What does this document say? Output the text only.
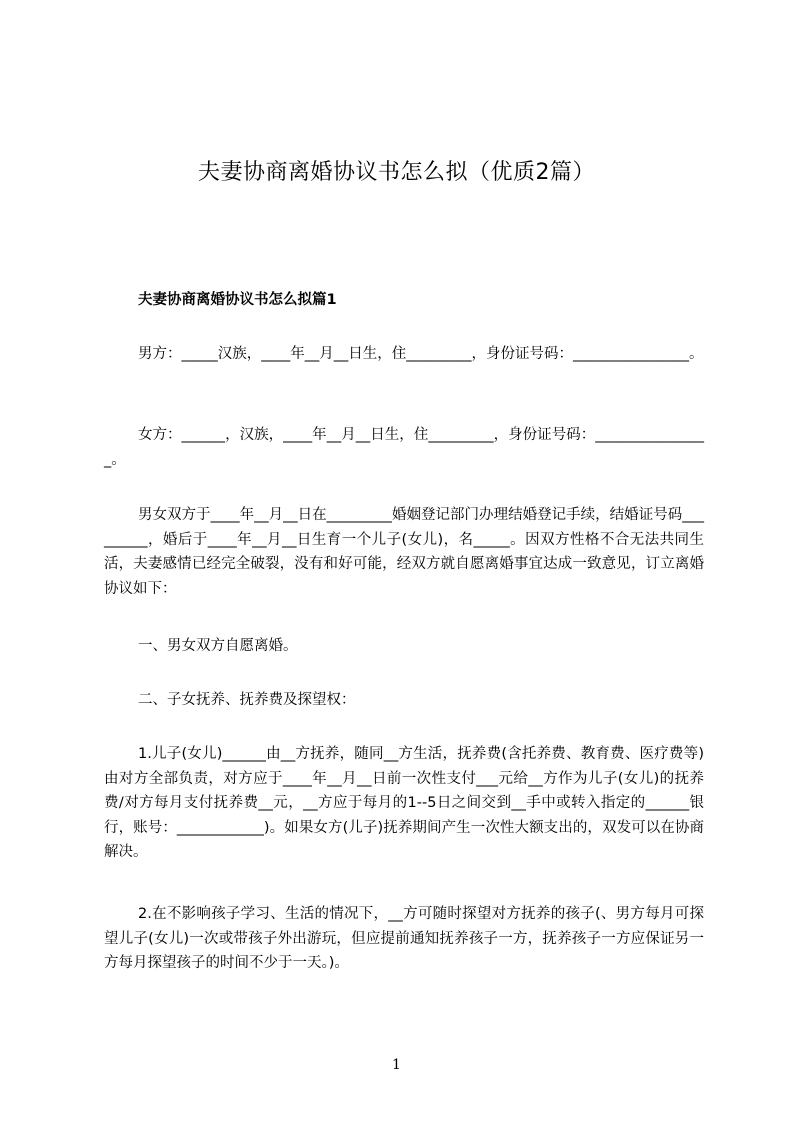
夫妻协商离婚协议书怎么拟（优质2篇）
夫妻协商离婚协议书怎么拟篇1

男方：_____汉族，____年__月__日生，住_________，身份证号码：________________。

女方：______，汉族，____年__月__日生，住_________，身份证号码：________________。

男女双方于____年__月__日在_________婚姻登记部门办理结婚登记手续，结婚证号码_________，婚后于____年__月__日生育一个儿子(女儿)，名_____。因双方性格不合无法共同生活，夫妻感情已经完全破裂，没有和好可能，经双方就自愿离婚事宜达成一致意见，订立离婚协议如下：

一、男女双方自愿离婚。

二、子女抚养、抚养费及探望权：

1.儿子(女儿)______由__方抚养，随同__方生活，抚养费(含托养费、教育费、医疗费等)由对方全部负责，对方应于____年__月__日前一次性支付___元给__方作为儿子(女儿)的抚养费/对方每月支付抚养费__元，__方应于每月的1--5日之间交到__手中或转入指定的______银行，账号：____________)。如果女方(儿子)抚养期间产生一次性大额支出的，双发可以在协商解决。

2.在不影响孩子学习、生活的情况下，__方可随时探望对方抚养的孩子(、男方每月可探望儿子(女儿)一次或带孩子外出游玩，但应提前通知抚养孩子一方，抚养孩子一方应保证另一方每月探望孩子的时间不少于一天。)。

1
